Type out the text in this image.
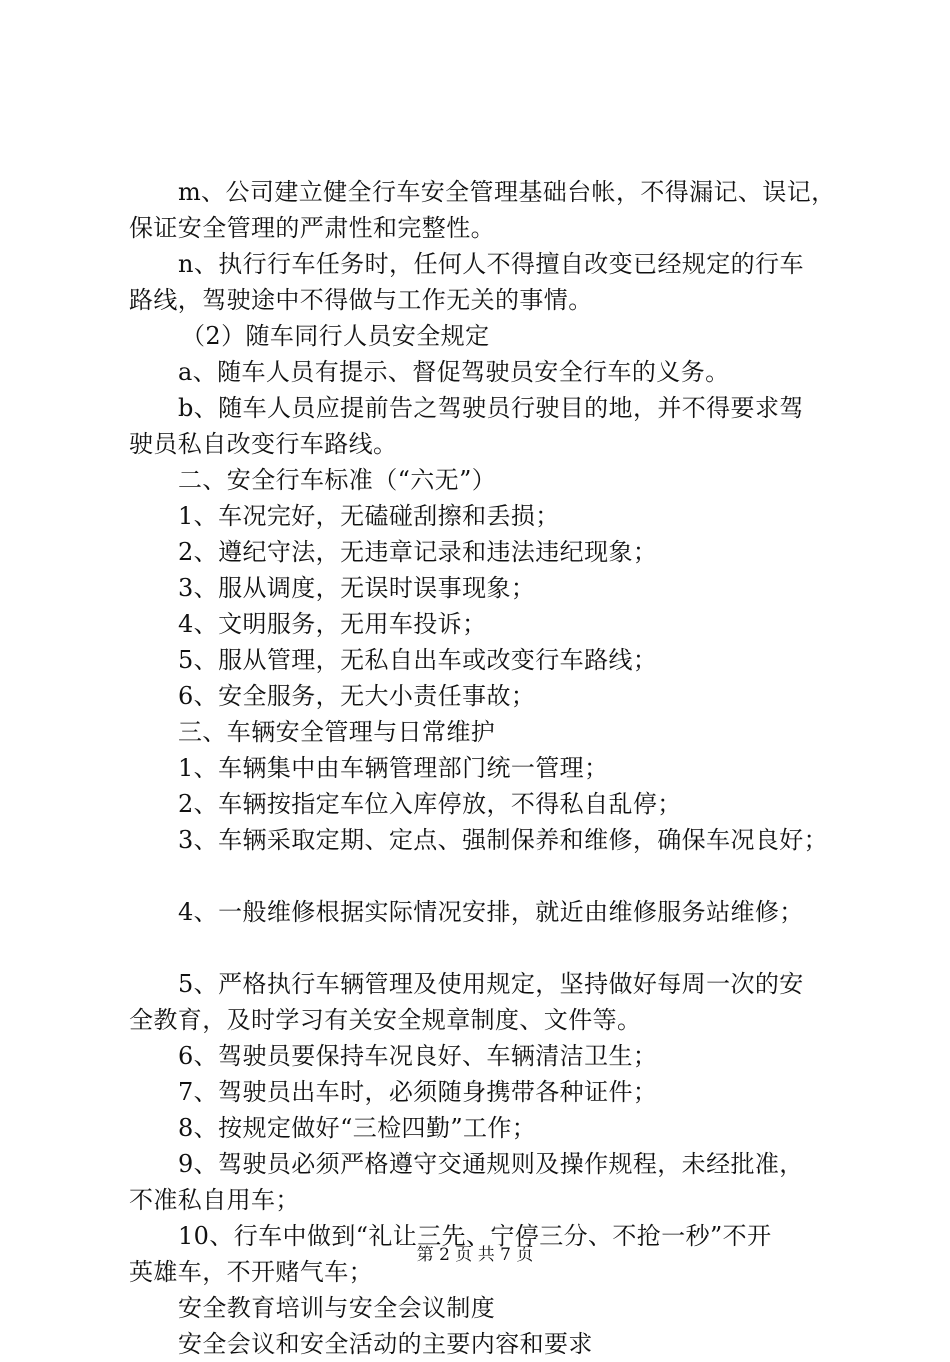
m、公司建立健全行车安全管理基础台帐，不得漏记、误记，
保证安全管理的严肃性和完整性。
n、执行行车任务时，任何人不得擅自改变已经规定的行车
路线，驾驶途中不得做与工作无关的事情。
（2）随车同行人员安全规定
a、随车人员有提示、督促驾驶员安全行车的义务。
b、随车人员应提前告之驾驶员行驶目的地，并不得要求驾
驶员私自改变行车路线。
二、安全行车标准（“六无”）
1、车况完好，无磕碰刮擦和丢损；
2、遵纪守法，无违章记录和违法违纪现象；
3、服从调度，无误时误事现象；
4、文明服务，无用车投诉；
5、服从管理，无私自出车或改变行车路线；
6、安全服务，无大小责任事故；
三、车辆安全管理与日常维护
1、车辆集中由车辆管理部门统一管理；
2、车辆按指定车位入库停放，不得私自乱停；
3、车辆采取定期、定点、强制保养和维修，确保车况良好；
4、一般维修根据实际情况安排，就近由维修服务站维修；
5、严格执行车辆管理及使用规定，坚持做好每周一次的安
全教育，及时学习有关安全规章制度、文件等。
6、驾驶员要保持车况良好、车辆清洁卫生；
7、驾驶员出车时，必须随身携带各种证件；
8、按规定做好“三检四勤”工作；
9、驾驶员必须严格遵守交通规则及操作规程，未经批准，
不准私自用车；
10、行车中做到“礼让三先、宁停三分、不抢一秒”不开
英雄车，不开赌气车；
安全教育培训与安全会议制度
安全会议和安全活动的主要内容和要求
第 2 页 共 7 页
